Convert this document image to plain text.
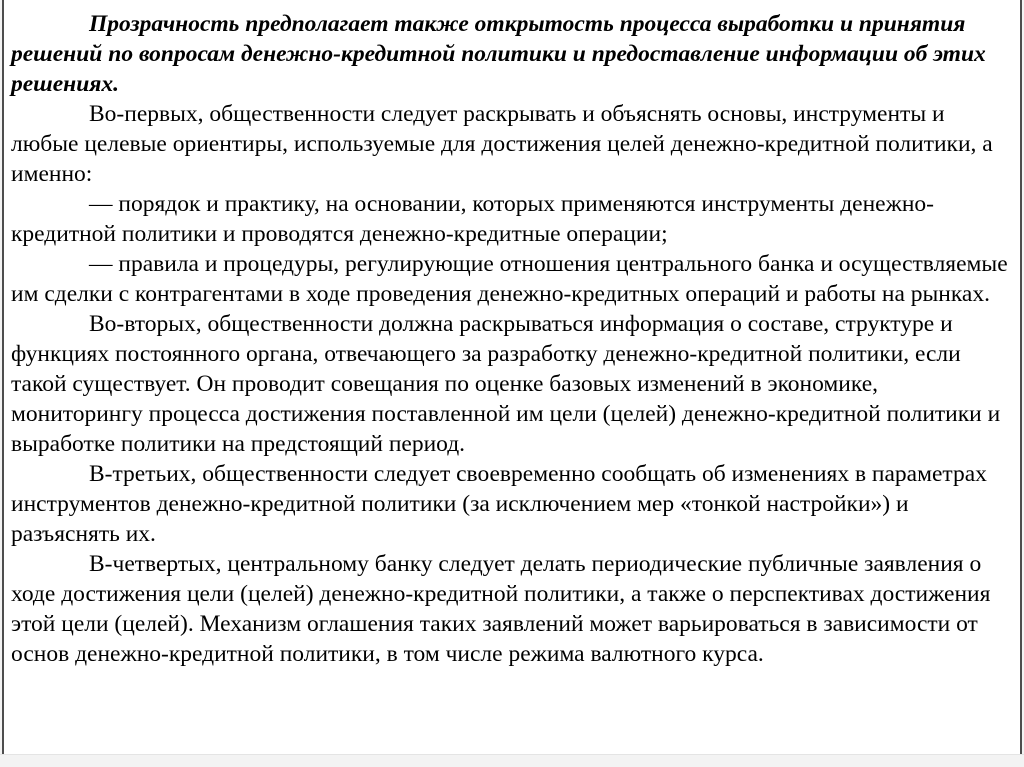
Прозрачность предполагает также открытость процесса выработки и принятия решений по вопросам денежно-кредитной политики и предоставление информации об этих решениях.

Во-первых, общественности следует раскрывать и объяснять основы, инструменты и любые целевые ориентиры, используемые для достижения целей денежно-кредитной политики, а именно:

— порядок и практику, на основании, которых применяются инструменты денежно-кредитной политики и проводятся денежно-кредитные операции;

— правила и процедуры, регулирующие отношения центрального банка и осуществляемые им сделки с контрагентами в ходе проведения денежно-кредитных операций и работы на рынках.

Во-вторых, общественности должна раскрываться информация о составе, структуре и функциях постоянного органа, отвечающего за разработку денежно-кредитной политики, если такой существует. Он проводит совещания по оценке базовых изменений в экономике, мониторингу процесса достижения поставленной им цели (целей) денежно-кредитной политики и выработке политики на предстоящий период.

В-третьих, общественности следует своевременно сообщать об изменениях в параметрах инструментов денежно-кредитной политики (за исключением мер «тонкой настройки») и разъяснять их.

В-четвертых, центральному банку следует делать периодические публичные заявления о ходе достижения цели (целей) денежно-кредитной политики, а также о перспективах достижения этой цели (целей). Механизм оглашения таких заявлений может варьироваться в зависимости от основ денежно-кредитной политики, в том числе режима валютного курса.
